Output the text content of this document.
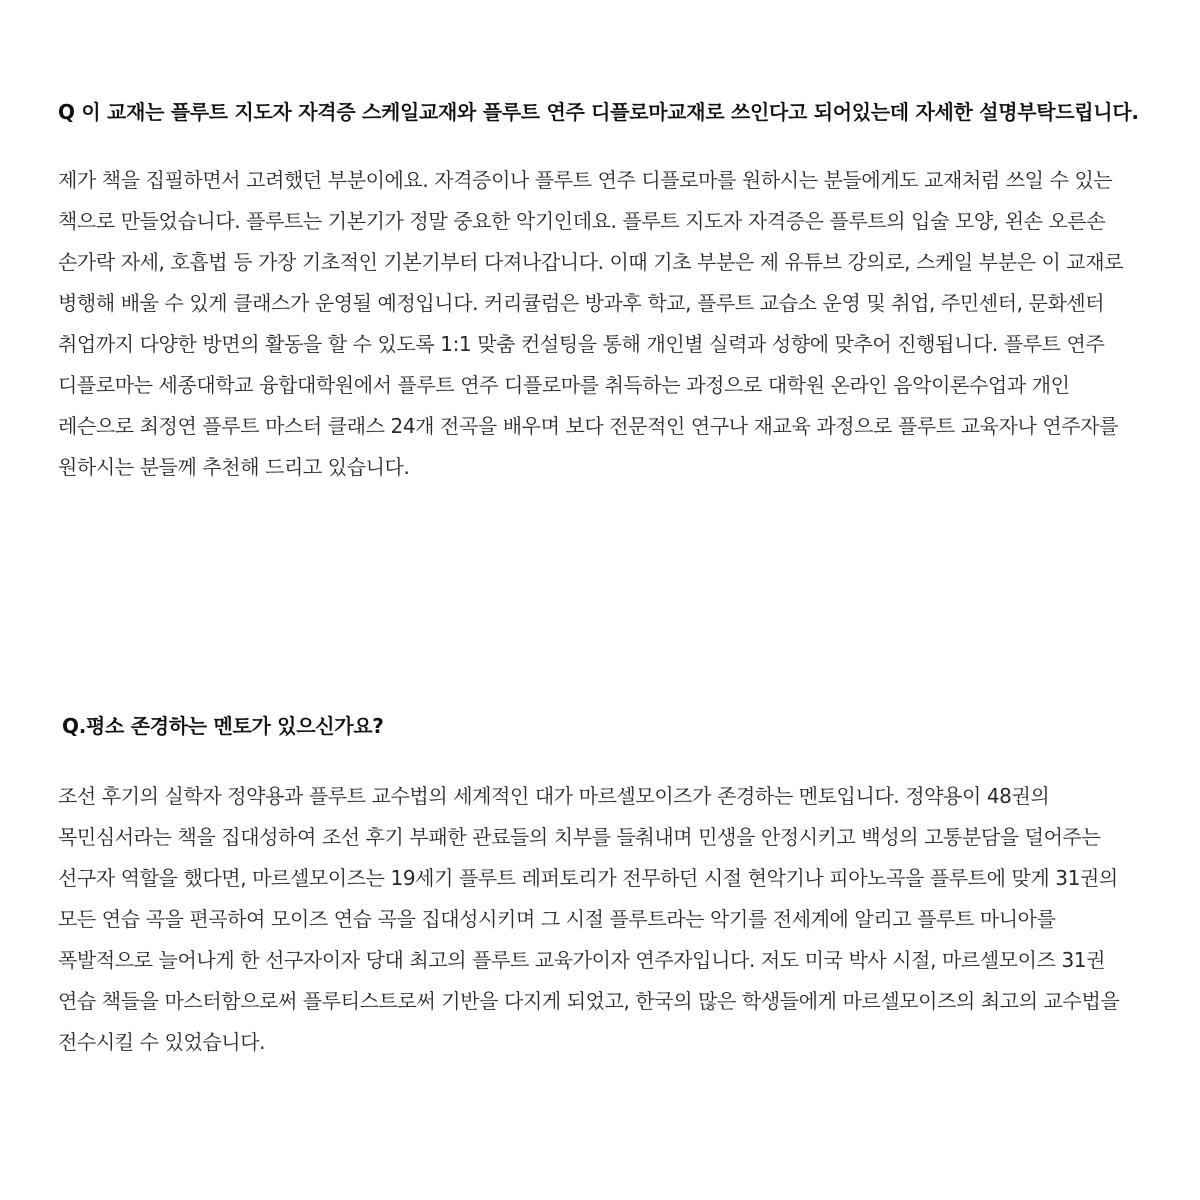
Q 이 교재는 플루트 지도자 자격증 스케일교재와 플루트 연주 디플로마교재로 쓰인다고 되어있는데 자세한 설명부탁드립니다.

제가 책을 집필하면서 고려했던 부분이에요. 자격증이나 플루트 연주 디플로마를 원하시는 분들에게도 교재처럼 쓰일 수 있는 책으로 만들었습니다. 플루트는 기본기가 정말 중요한 악기인데요. 플루트 지도자 자격증은 플루트의 입술 모양, 왼손 오른손 손가락 자세, 호흡법 등 가장 기초적인 기본기부터 다져나갑니다. 이때 기초 부분은 제 유튜브 강의로, 스케일 부분은 이 교재로 병행해 배울 수 있게 클래스가 운영될 예정입니다. 커리큘럼은 방과후 학교, 플루트 교습소 운영 및 취업, 주민센터, 문화센터 취업까지 다양한 방면의 활동을 할 수 있도록 1:1 맞춤 컨설팅을 통해 개인별 실력과 성향에 맞추어 진행됩니다. 플루트 연주 디플로마는 세종대학교 융합대학원에서 플루트 연주 디플로마를 취득하는 과정으로 대학원 온라인 음악이론수업과 개인 레슨으로 최정연 플루트 마스터 클래스 24개 전곡을 배우며 보다 전문적인 연구나 재교육 과정으로 플루트 교육자나 연주자를 원하시는 분들께 추천해 드리고 있습니다.

Q.평소 존경하는 멘토가 있으신가요?

조선 후기의 실학자 정약용과 플루트 교수법의 세계적인 대가 마르셀모이즈가 존경하는 멘토입니다. 정약용이 48권의 목민심서라는 책을 집대성하여 조선 후기 부패한 관료들의 치부를 들춰내며 민생을 안정시키고 백성의 고통분담을 덜어주는 선구자 역할을 했다면, 마르셀모이즈는 19세기 플루트 레퍼토리가 전무하던 시절 현악기나 피아노곡을 플루트에 맞게 31권의 모든 연습 곡을 편곡하여 모이즈 연습 곡을 집대성시키며 그 시절 플루트라는 악기를 전세계에 알리고 플루트 마니아를 폭발적으로 늘어나게 한 선구자이자 당대 최고의 플루트 교육가이자 연주자입니다. 저도 미국 박사 시절, 마르셀모이즈 31권 연습 책들을 마스터함으로써 플루티스트로써 기반을 다지게 되었고, 한국의 많은 학생들에게 마르셀모이즈의 최고의 교수법을 전수시킬 수 있었습니다.
